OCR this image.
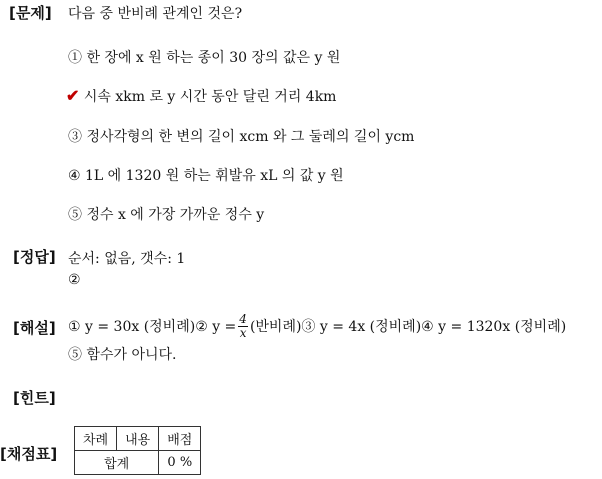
[문제] 다음 중 반비례 관계인 것은?
① 한 장에 x 원 하는 종이 30 장의 값은 y 원
✔ 시속 xkm 로 y 시간 동안 달린 거리 4km
③ 정사각형의 한 변의 길이 xcm 와 그 둘레의 길이 ycm
④ 1L 에 1320 원 하는 휘발유 xL 의 값 y 원
⑤ 정수 x 에 가장 가까운 정수 y
[정답] 순서: 없음, 갯수: 1
②
[해설] ① y = 30x (정비례)② $y = \frac{4}{x}$ (반비례)③ y = 4x (정비례)④ y = 1320x (정비례)
⑤ 함수가 아니다.
[힌트]
[채점표]
차례	내용	배점
합계		0 %
